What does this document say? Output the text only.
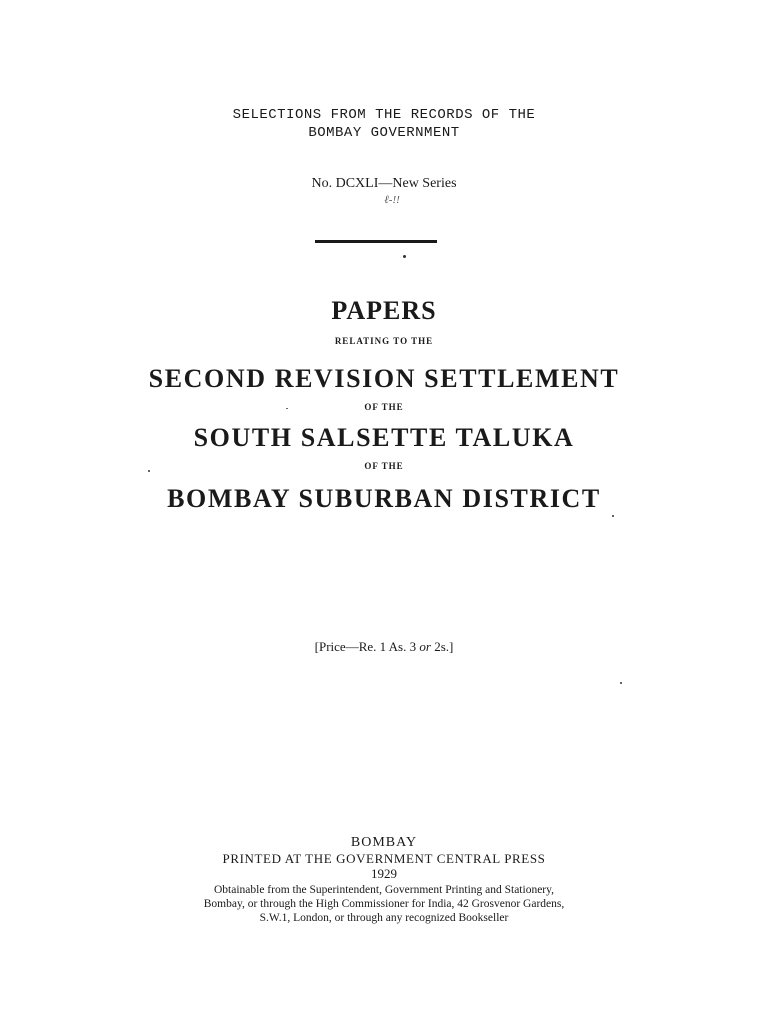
SELECTIONS FROM THE RECORDS OF THE
BOMBAY GOVERNMENT
No. DCXLI—New Series
ℓ-!!
PAPERS
RELATING TO THE
SECOND REVISION SETTLEMENT
OF THE
SOUTH SALSETTE TALUKA
OF THE
BOMBAY SUBURBAN DISTRICT
[Price—Re. 1 As. 3 or 2s.]
BOMBAY
PRINTED AT THE GOVERNMENT CENTRAL PRESS
1929
Obtainable from the Superintendent, Government Printing and Stationery,
Bombay, or through the High Commissioner for India, 42 Grosvenor Gardens,
S.W.1, London, or through any recognized Bookseller
